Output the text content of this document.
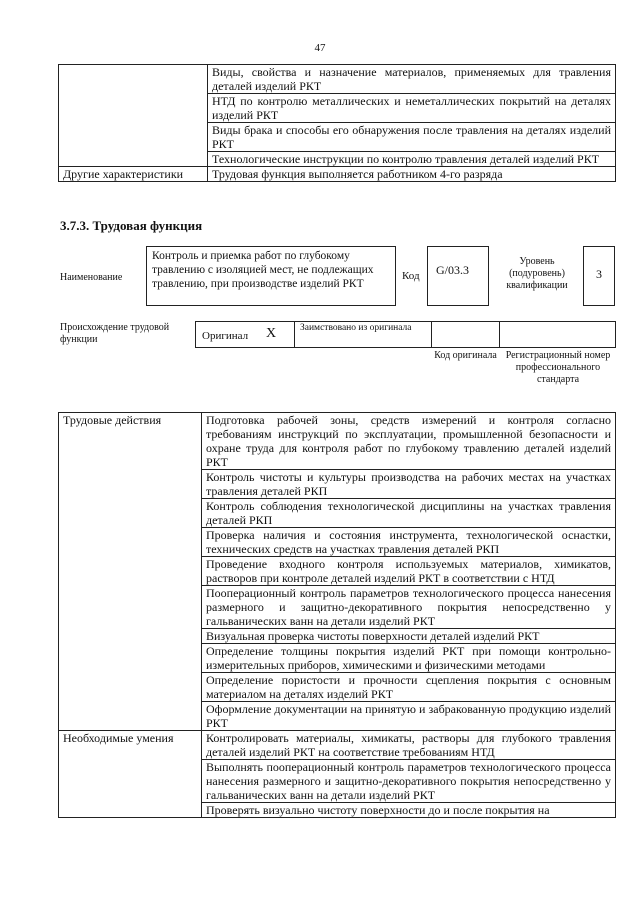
47
	Виды, свойства и назначение материалов, применяемых для травления деталей изделий РКТ
	НТД по контролю металлических и неметаллических покрытий на деталях изделий РКТ
	Виды брака и способы его обнаружения после травления на деталях изделий РКТ
	Технологические инструкции по контролю травления деталей изделий РКТ
Другие характеристики	Трудовая функция выполняется работником 4-го разряда
3.7.3. Трудовая функция
Наименование
Контроль и приемка работ по глубокому травлению с изоляцией мест, не подлежащих травлению, при производстве изделий РКТ
Код	G/03.3
Уровень (подуровень) квалификации
3
Происхождение трудовой функции	Оригинал X	Заимствовано из оригинала
Код оригинала Регистрационный номер профессионального стандарта
Трудовые действия	Подготовка рабочей зоны, средств измерений и контроля согласно требованиям инструкций по эксплуатации, промышленной безопасности и охране труда для контроля работ по глубокому травлению деталей изделий РКТ
	Контроль чистоты и культуры производства на рабочих местах на участках травления деталей РКП
	Контроль соблюдения технологической дисциплины на участках травления деталей РКП
	Проверка наличия и состояния инструмента, технологической оснастки, технических средств на участках травления деталей РКП
	Проведение входного контроля используемых материалов, химикатов, растворов при контроле деталей изделий РКТ в соответствии с НТД
	Пооперационный контроль параметров технологического процесса нанесения размерного и защитно-декоративного покрытия непосредственно у гальванических ванн на детали изделий РКТ
	Визуальная проверка чистоты поверхности деталей изделий РКТ
	Определение толщины покрытия изделий РКТ при помощи контрольно-измерительных приборов, химическими и физическими методами
	Определение пористости и прочности сцепления покрытия с основным материалом на деталях изделий РКТ
	Оформление документации на принятую и забракованную продукцию изделий РКТ
Необходимые умения	Контролировать материалы, химикаты, растворы для глубокого травления деталей изделий РКТ на соответствие требованиям НТД
	Выполнять пооперационный контроль параметров технологического процесса нанесения размерного и защитно-декоративного покрытия непосредственно у гальванических ванн на детали изделий РКТ
	Проверять визуально чистоту поверхности до и после покрытия на
